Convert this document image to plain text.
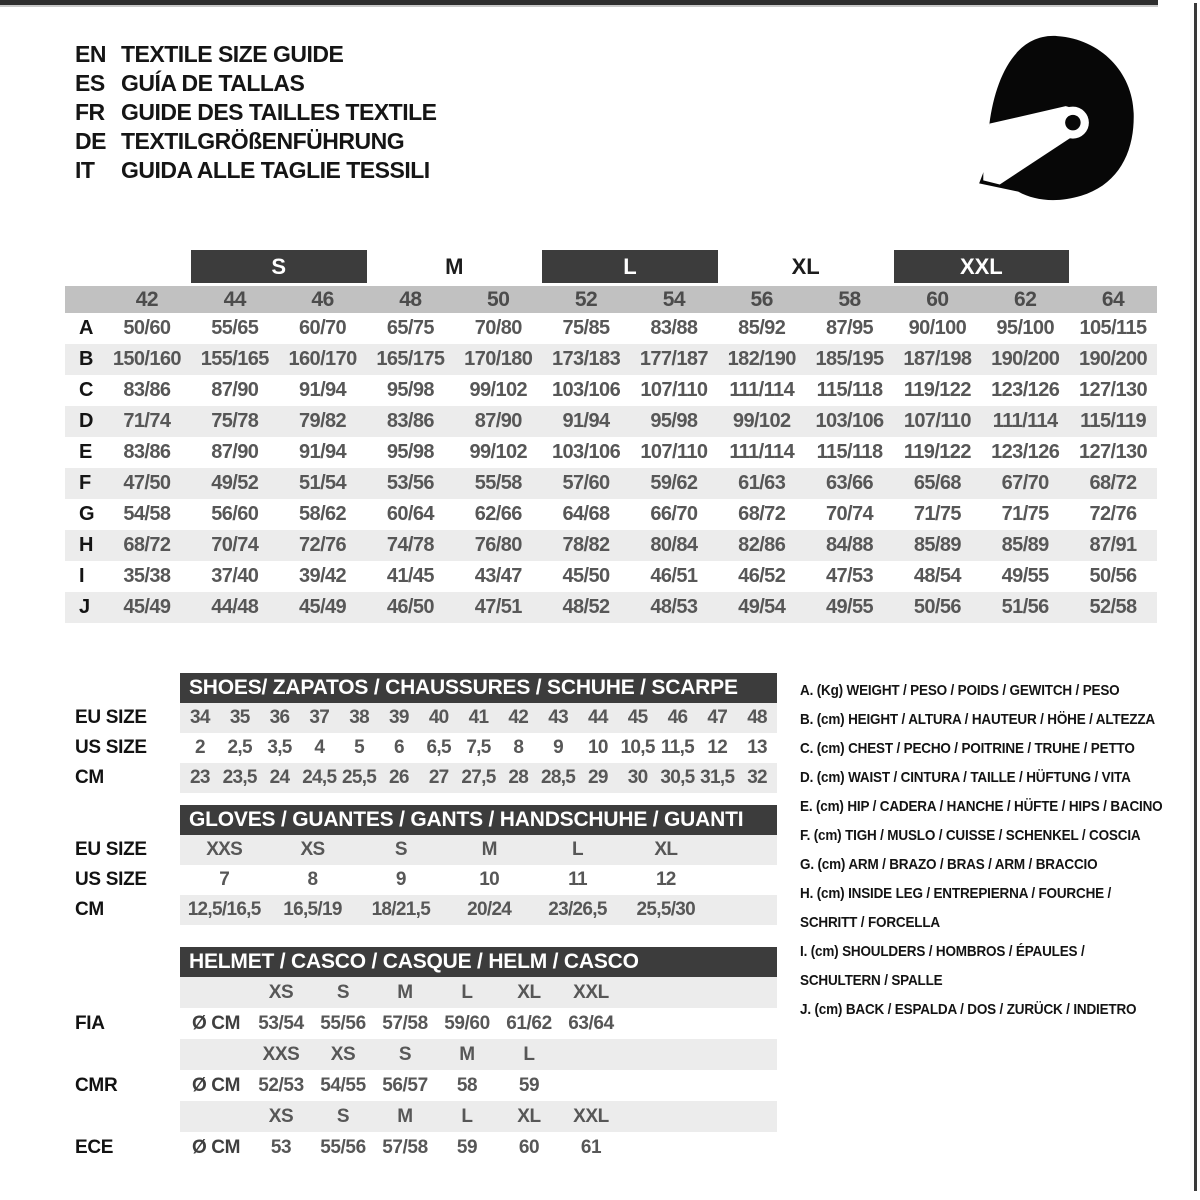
EN TEXTILE SIZE GUIDE
ES GUÍA DE TALLAS
FR GUIDE DES TAILLES TEXTILE
DE TEXTILGRÖßENFÜHRUNG
IT	GUIDA ALLE TAGLIE TESSILI
S	M	L	XL	XXL
42	44	46	48	50	52	54	56	58	60	62	64
A	50/60	55/65	60/70	65/75	70/80	75/85	83/88	85/92	87/95	90/100	95/100	105/115
B 150/160 155/165 160/170 165/175 170/180 173/183 177/187 182/190 185/195 187/198 190/200 190/200
C	83/86	87/90	91/94	95/98	99/102	103/106	107/110	111/114	115/118	119/122	123/126 127/130
D	71/74	75/78	79/82	83/86	87/90	91/94	95/98	99/102	103/106	107/110	111/114	115/119
E	83/86	87/90	91/94	95/98	99/102	103/106	107/110	111/114	115/118	119/122	123/126 127/130
F	47/50	49/52	51/54	53/56	55/58	57/60	59/62	61/63	63/66	65/68	67/70	68/72
G	54/58	56/60	58/62	60/64	62/66	64/68	66/70	68/72	70/74	71/75	71/75	72/76
H	68/72	70/74	72/76	74/78	76/80	78/82	80/84	82/86	84/88	85/89	85/89	87/91
I	35/38	37/40	39/42	41/45	43/47	45/50	46/51	46/52	47/53	48/54	49/55	50/56
J	45/49	44/48	45/49	46/50	47/51	48/52	48/53	49/54	49/55	50/56	51/56	52/58
SHOES/ ZAPATOS / CHAUSSURES / SCHUHE / SCARPE
EU SIZE	34	35	36	37	38	39	40	41	42	43	44	45	46	47	48
US SIZE	2	2,5 3,5	4	5	6	6,5 7,5	8	9	10 10,5 11,5 12	13
CM	23 23,5 24 24,5 25,5 26	27 27,5 28 28,5 29	30 30,5 31,5 32
GLOVES / GUANTES / GANTS / HANDSCHUHE / GUANTI
EU SIZE	XXS	XS	S	M	L	XL
US SIZE	7	8	9	10	11	12
CM	12,5/16,5	16,5/19	18/21,5	20/24	23/26,5	25,5/30
HELMET / CASCO / CASQUE / HELM / CASCO
XS	S	M	L	XL	XXL
FIA	Ø CM 53/54 55/56 57/58 59/60 61/62 63/64
XXS	XS	S	M	L
CMR	Ø CM 52/53 54/55 56/57	58	59
XS	S	M	L	XL	XXL
ECE	Ø CM	53	55/56 57/58	59	60	61
A. (Kg) WEIGHT / PESO / POIDS / GEWITCH / PESO
B. (cm) HEIGHT / ALTURA / HAUTEUR / HÖHE / ALTEZZA
C. (cm) CHEST / PECHO / POITRINE / TRUHE / PETTO
D. (cm) WAIST / CINTURA / TAILLE / HÜFTUNG / VITA
E. (cm) HIP / CADERA / HANCHE / HÜFTE / HIPS / BACINO
F. (cm) TIGH / MUSLO / CUISSE / SCHENKEL / COSCIA
G. (cm) ARM / BRAZO / BRAS / ARM / BRACCIO
H. (cm) INSIDE LEG / ENTREPIERNA / FOURCHE /
SCHRITT / FORCELLA
I. (cm) SHOULDERS / HOMBROS / ÉPAULES /
SCHULTERN / SPALLE
J. (cm) BACK / ESPALDA / DOS / ZURÜCK / INDIETRO
